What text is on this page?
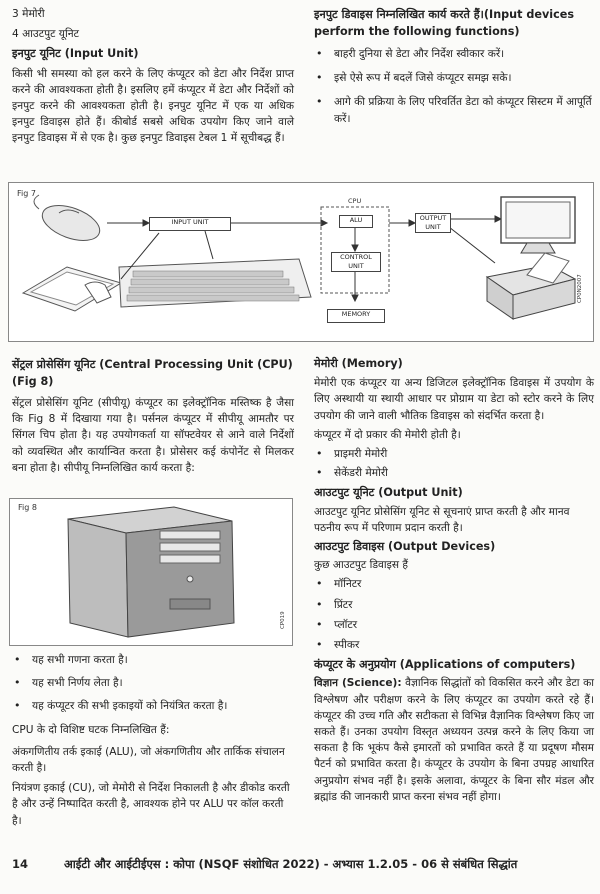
3 मेमोरी

4 आउटपुट यूनिट

इनपुट यूनिट (Input Unit)

किसी भी समस्या को हल करने के लिए कंप्यूटर को डेटा और निर्देश प्राप्त करने की आवश्यकता होती है। इसलिए हमें कंप्यूटर में डेटा और निर्देशों को इनपुट करने की आवश्यकता होती है। इनपुट यूनिट में एक या अधिक इनपुट डिवाइस होते हैं। कीबोर्ड सबसे अधिक उपयोग किए जाने वाले इनपुट डिवाइस में से एक है। कुछ इनपुट डिवाइस टेबल 1 में सूचीबद्ध हैं।

इनपुट डिवाइस निम्नलिखित कार्य करते हैं।(Input devices perform the following functions)

• बाहरी दुनिया से डेटा और निर्देश स्वीकार करें।
• इसे ऐसे रूप में बदलें जिसे कंप्यूटर समझ सके।
• आगे की प्रक्रिया के लिए परिवर्तित डेटा को कंप्यूटर सिस्टम में आपूर्ति करें।
Fig 7
INPUT UNIT
CPU
ALU
CONTROL UNIT
MEMORY
OUTPUT UNIT
CP0N2007

सेंट्रल प्रोसेसिंग यूनिट (Central Processing Unit (CPU) (Fig 8)

सेंट्रल प्रोसेसिंग यूनिट (सीपीयू) कंप्यूटर का इलेक्ट्रॉनिक मस्तिष्क है जैसा कि Fig 8 में दिखाया गया है। पर्सनल कंप्यूटर में सीपीयू आमतौर पर सिंगल चिप होता है। यह उपयोगकर्ता या सॉफ्टवेयर से आने वाले निर्देशों को व्यवस्थित और कार्यान्वित करता है। प्रोसेसर कई कंपोनेंट से मिलकर बना होता है। सीपीयू निम्नलिखित कार्य करता है:

Fig 8
CP019
• यह सभी गणना करता है।
• यह सभी निर्णय लेता है।
• यह कंप्यूटर की सभी इकाइयों को नियंत्रित करता है।

CPU के दो विशिष्ट घटक निम्नलिखित हैं:

अंकगणितीय तर्क इकाई (ALU), जो अंकगणितीय और तार्किक संचालन करती है।

नियंत्रण इकाई (CU), जो मेमोरी से निर्देश निकालती है और डीकोड करती है और उन्हें निष्पादित करती है, आवश्यक होने पर ALU पर कॉल करती है।

मेमोरी (Memory)

मेमोरी एक कंप्यूटर या अन्य डिजिटल इलेक्ट्रॉनिक डिवाइस में उपयोग के लिए अस्थायी या स्थायी आधार पर प्रोग्राम या डेटा को स्टोर करने के लिए उपयोग की जाने वाली भौतिक डिवाइस को संदर्भित करता है।

कंप्यूटर में दो प्रकार की मेमोरी होती है।

• प्राइमरी मेमोरी
• सेकेंडरी मेमोरी

आउटपुट यूनिट (Output Unit)

आउटपुट यूनिट प्रोसेसिंग यूनिट से सूचनाएं प्राप्त करती है और मानव पठनीय रूप में परिणाम प्रदान करती है।

आउटपुट डिवाइस (Output Devices)

कुछ आउटपुट डिवाइस हैं

• मॉनिटर
• प्रिंटर
• प्लॉटर
• स्पीकर

कंप्यूटर के अनुप्रयोग (Applications of computers)

विज्ञान (Science): वैज्ञानिक सिद्धांतों को विकसित करने और डेटा का विश्लेषण और परीक्षण करने के लिए कंप्यूटर का उपयोग करते रहे हैं। कंप्यूटर की उच्च गति और सटीकता से विभिन्न वैज्ञानिक विश्लेषण किए जा सकते हैं। उनका उपयोग विस्तृत अध्ययन उत्पन्न करने के लिए किया जा सकता है कि भूकंप कैसे इमारतों को प्रभावित करते हैं या प्रदूषण मौसम पैटर्न को प्रभावित करता है। कंप्यूटर के उपयोग के बिना उपग्रह आधारित अनुप्रयोग संभव नहीं है। इसके अलावा, कंप्यूटर के बिना सौर मंडल और ब्रह्मांड की जानकारी प्राप्त करना संभव नहीं होगा।

14	आईटी और आईटीईएस : कोपा (NSQF संशोधित 2022) - अभ्यास 1.2.05 - 06 से संबंधित सिद्धांत
